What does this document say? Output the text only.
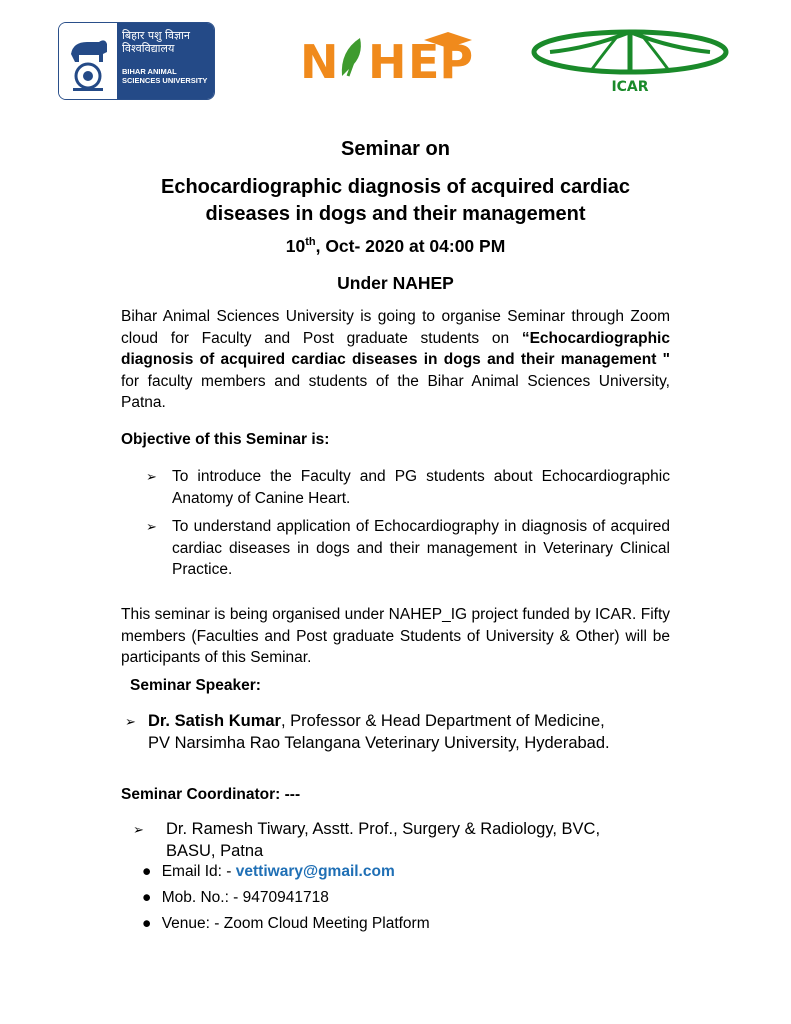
बिहार पशु विज्ञान
विश्वविद्यालय
BIHAR ANIMAL SCIENCES UNIVERSITY N H EP	ICAR
Seminar on
Echocardiographic diagnosis of acquired cardiac
diseases in dogs and their management
10th, Oct- 2020 at 04:00 PM
Under NAHEP
Bihar Animal Sciences University is going to organise Seminar through Zoom cloud for Faculty and Post graduate students on “Echocardiographic diagnosis of acquired cardiac diseases in dogs and their management " for faculty members and students of the Bihar Animal Sciences University, Patna.
Objective of this Seminar is:
➢ To introduce the Faculty and PG students about Echocardiographic Anatomy of Canine Heart.
➢ To understand application of Echocardiography in diagnosis of acquired cardiac diseases in dogs and their management in Veterinary Clinical Practice.
This seminar is being organised under NAHEP_IG project funded by ICAR. Fifty members (Faculties and Post graduate Students of University & Other) will be participants of this Seminar.
Seminar Speaker:
➢ Dr. Satish Kumar, Professor & Head Department of Medicine,
PV Narsimha Rao Telangana Veterinary University, Hyderabad.
Seminar Coordinator: ---
➢ Dr. Ramesh Tiwary, Asstt. Prof., Surgery & Radiology, BVC,
BASU, Patna
● Email Id: - vettiwary@gmail.com
● Mob. No.: - 9470941718
● Venue: - Zoom Cloud Meeting Platform
